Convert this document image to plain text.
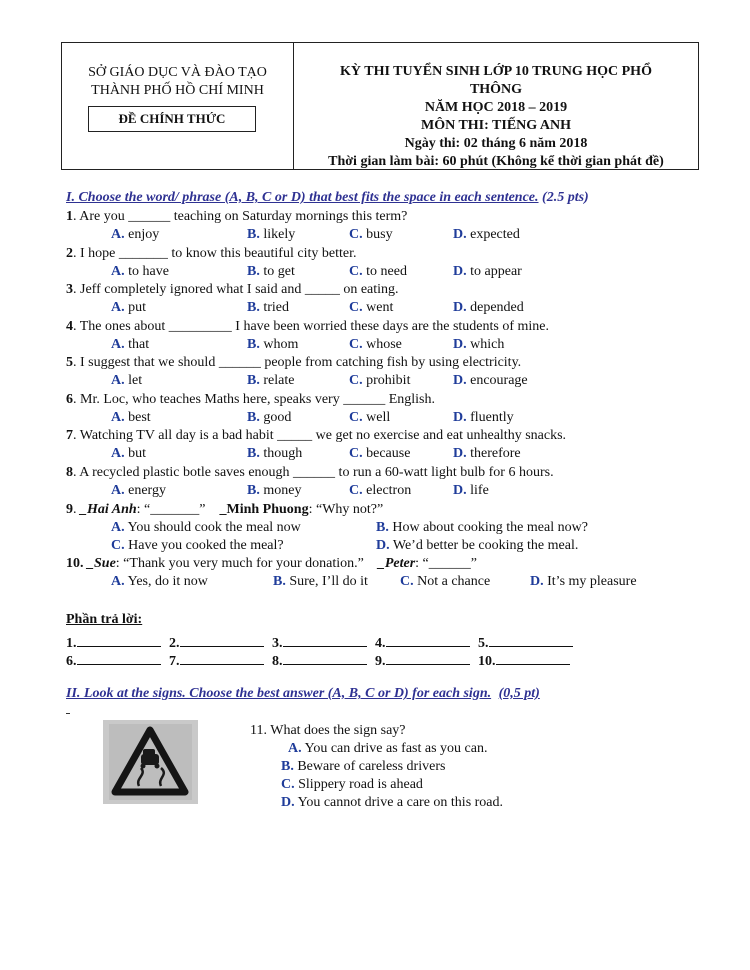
SỞ GIÁO DỤC VÀ ĐÀO TẠO
THÀNH PHỐ HỒ CHÍ MINH
ĐỀ CHÍNH THỨC
KỲ THI TUYỂN SINH LỚP 10 TRUNG HỌC PHỔ
THÔNG
NĂM HỌC 2018 – 2019
MÔN THI: TIẾNG ANH
Ngày thi: 02 tháng 6 năm 2018
Thời gian làm bài: 60 phút (Không kể thời gian phát đề)
I. Choose the word/ phrase (A, B, C or D) that best fits the space in each sentence. (2.5 pts)
1. Are you ______ teaching on Saturday mornings this term?
A. enjoy	B. likely	C. busy	D. expected
2. I hope _______ to know this beautiful city better.
A. to have	B. to get	C. to need	D. to appear
3. Jeff completely ignored what I said and _____ on eating.
A. put	B. tried	C. went	D. depended
4. The ones about _________ I have been worried these days are the students of mine.
A. that	B. whom	C. whose	D. which
5. I suggest that we should ______ people from catching fish by using electricity.
A. let	B. relate	C. prohibit	D. encourage
6. Mr. Loc, who teaches Maths here, speaks very ______ English.
A. best	B. good	C. well	D. fluently
7. Watching TV all day is a bad habit _____ we get no exercise and eat unhealthy snacks.
A. but	B. though	C. because	D. therefore
8. A recycled plastic botle saves enough ______ to run a 60-watt light bulb for 6 hours.
A. energy	B. money	C. electron	D. life
9. _Hai Anh: “_______” _Minh Phuong: “Why not?”
A. You should cook the meal now	B. How about cooking the meal now?
C. Have you cooked the meal?	D. We’d better be cooking the meal.
10. _Sue: “Thank you very much for your donation.” _Peter: “______”
A. Yes, do it now	B. Sure, I’ll do it C. Not a chance	D. It’s my pleasure
Phần trả lời:
1.	2.	3.	4.	5.
6.	7.	8.	9.	10.
II. Look at the signs. Choose the best answer (A, B, C or D) for each sign. (0,5 pt)
11. What does the sign say?
A. You can drive as fast as you can.
B. Beware of careless drivers
C. Slippery road is ahead
D. You cannot drive a care on this road.
